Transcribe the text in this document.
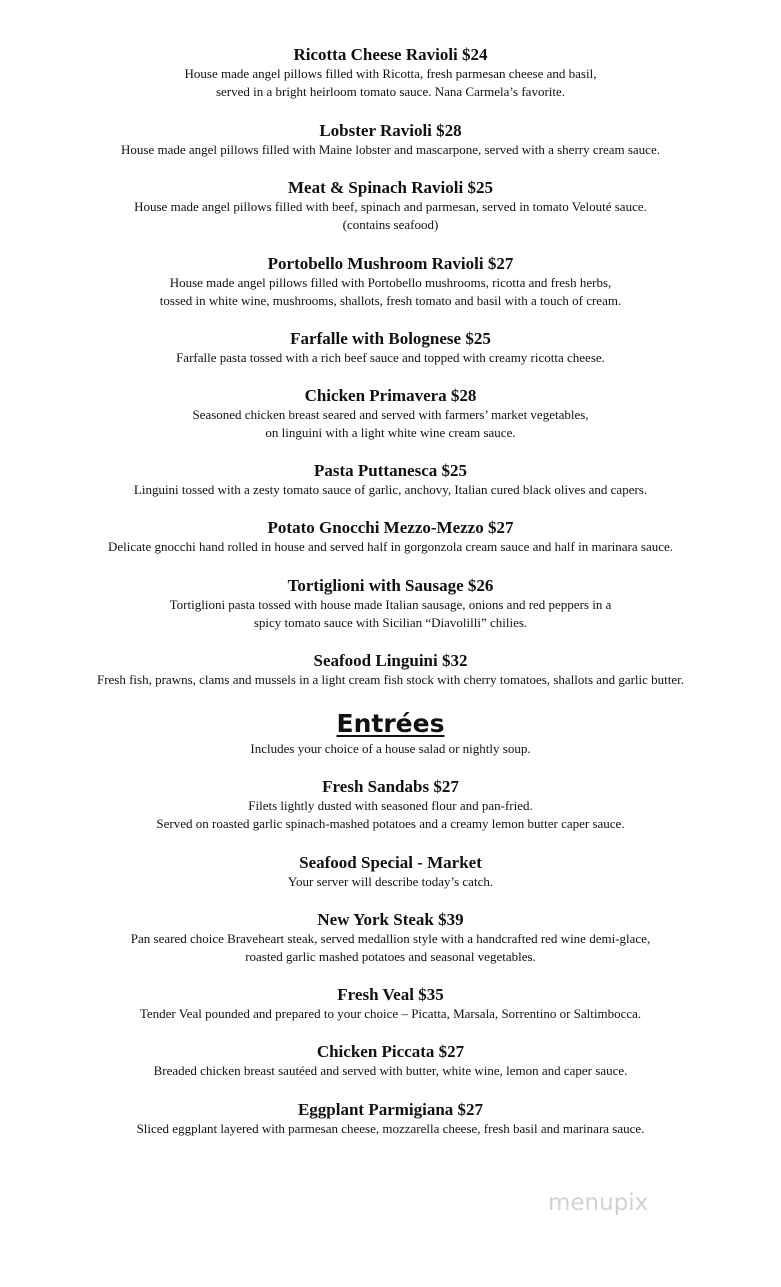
Ricotta Cheese Ravioli $24
House made angel pillows filled with Ricotta, fresh parmesan cheese and basil,
served in a bright heirloom tomato sauce. Nana Carmela’s favorite.
Lobster Ravioli $28
House made angel pillows filled with Maine lobster and mascarpone, served with a sherry cream sauce.
Meat & Spinach Ravioli $25
House made angel pillows filled with beef, spinach and parmesan, served in tomato Velouté sauce.
(contains seafood)
Portobello Mushroom Ravioli $27
House made angel pillows filled with Portobello mushrooms, ricotta and fresh herbs,
tossed in white wine, mushrooms, shallots, fresh tomato and basil with a touch of cream.
Farfalle with Bolognese $25
Farfalle pasta tossed with a rich beef sauce and topped with creamy ricotta cheese.
Chicken Primavera $28
Seasoned chicken breast seared and served with farmers’ market vegetables,
on linguini with a light white wine cream sauce.
Pasta Puttanesca $25
Linguini tossed with a zesty tomato sauce of garlic, anchovy, Italian cured black olives and capers.
Potato Gnocchi Mezzo-Mezzo $27
Delicate gnocchi hand rolled in house and served half in gorgonzola cream sauce and half in marinara sauce.
Tortiglioni with Sausage $26
Tortiglioni pasta tossed with house made Italian sausage, onions and red peppers in a
spicy tomato sauce with Sicilian “Diavolilli” chilies.
Seafood Linguini $32
Fresh fish, prawns, clams and mussels in a light cream fish stock with cherry tomatoes, shallots and garlic butter.
Entrées
Includes your choice of a house salad or nightly soup.
Fresh Sandabs $27
Filets lightly dusted with seasoned flour and pan-fried.
Served on roasted garlic spinach-mashed potatoes and a creamy lemon butter caper sauce.
Seafood Special - Market
Your server will describe today’s catch.
New York Steak $39
Pan seared choice Braveheart steak, served medallion style with a handcrafted red wine demi-glace,
roasted garlic mashed potatoes and seasonal vegetables.
Fresh Veal $35
Tender Veal pounded and prepared to your choice – Picatta, Marsala, Sorrentino or Saltimbocca.
Chicken Piccata $27
Breaded chicken breast sautéed and served with butter, white wine, lemon and caper sauce.
Eggplant Parmigiana $27
Sliced eggplant layered with parmesan cheese, mozzarella cheese, fresh basil and marinara sauce.
menupix
